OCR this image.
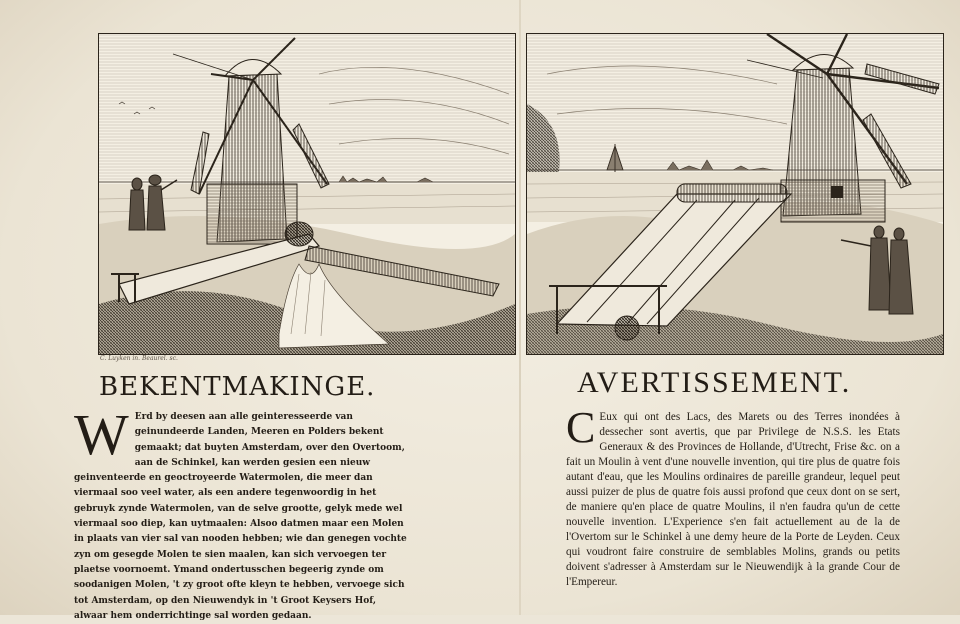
C. Luyken in. Beaurel. sc.
BEKENTMAKINGE.
W Erd by deesen aan alle geinteresseerde van geinundeerde Landen, Meeren en Polders bekent gemaakt; dat buyten Amsterdam, over den Overtoom, aan de Schinkel, kan werden gesien een nieuw geinventeerde en geoctroyeerde Watermolen, die meer dan viermaal soo veel water, als een andere tegenwoordig in het gebruyk zynde Watermolen, van de selve grootte, gelyk mede wel viermaal soo diep, kan uytmaalen: Alsoo datmen maar een Molen in plaats van vier sal van nooden hebben; wie dan genegen vochte zyn om gesegde Molen te sien maalen, kan sich vervoegen ter plaetse voornoemt. Ymand ondertusschen begeerig zynde om soodanigen Molen, 't zy groot ofte kleyn te hebben, vervoege sich tot Amsterdam, op den Nieuwendyk in 't Groot Keysers Hof, alwaar hem onderrichtinge sal worden gedaan.
AVERTISSEMENT.
C Eux qui ont des Lacs, des Marets ou des Terres inondées à dessecher sont avertis, que par Privilege de N.S.S. les Etats Generaux & des Provinces de Hollande, d'Utrecht, Frise &c. on a fait un Moulin à vent d'une nouvelle invention, qui tire plus de quatre fois autant d'eau, que les Moulins ordinaires de pareille grandeur, lequel peut aussi puizer de plus de quatre fois aussi profond que ceux dont on se sert, de maniere qu'en place de quatre Moulins, il n'en faudra qu'un de cette nouvelle invention. L'Experience s'en fait actuellement au de la de l'Overtom sur le Schinkel à une demy heure de la Porte de Leyden. Ceux qui voudront faire construire de semblables Molins, grands ou petits doivent s'adresser à Amsterdam sur le Nieuwendijk à la grande Cour de l'Empereur.
